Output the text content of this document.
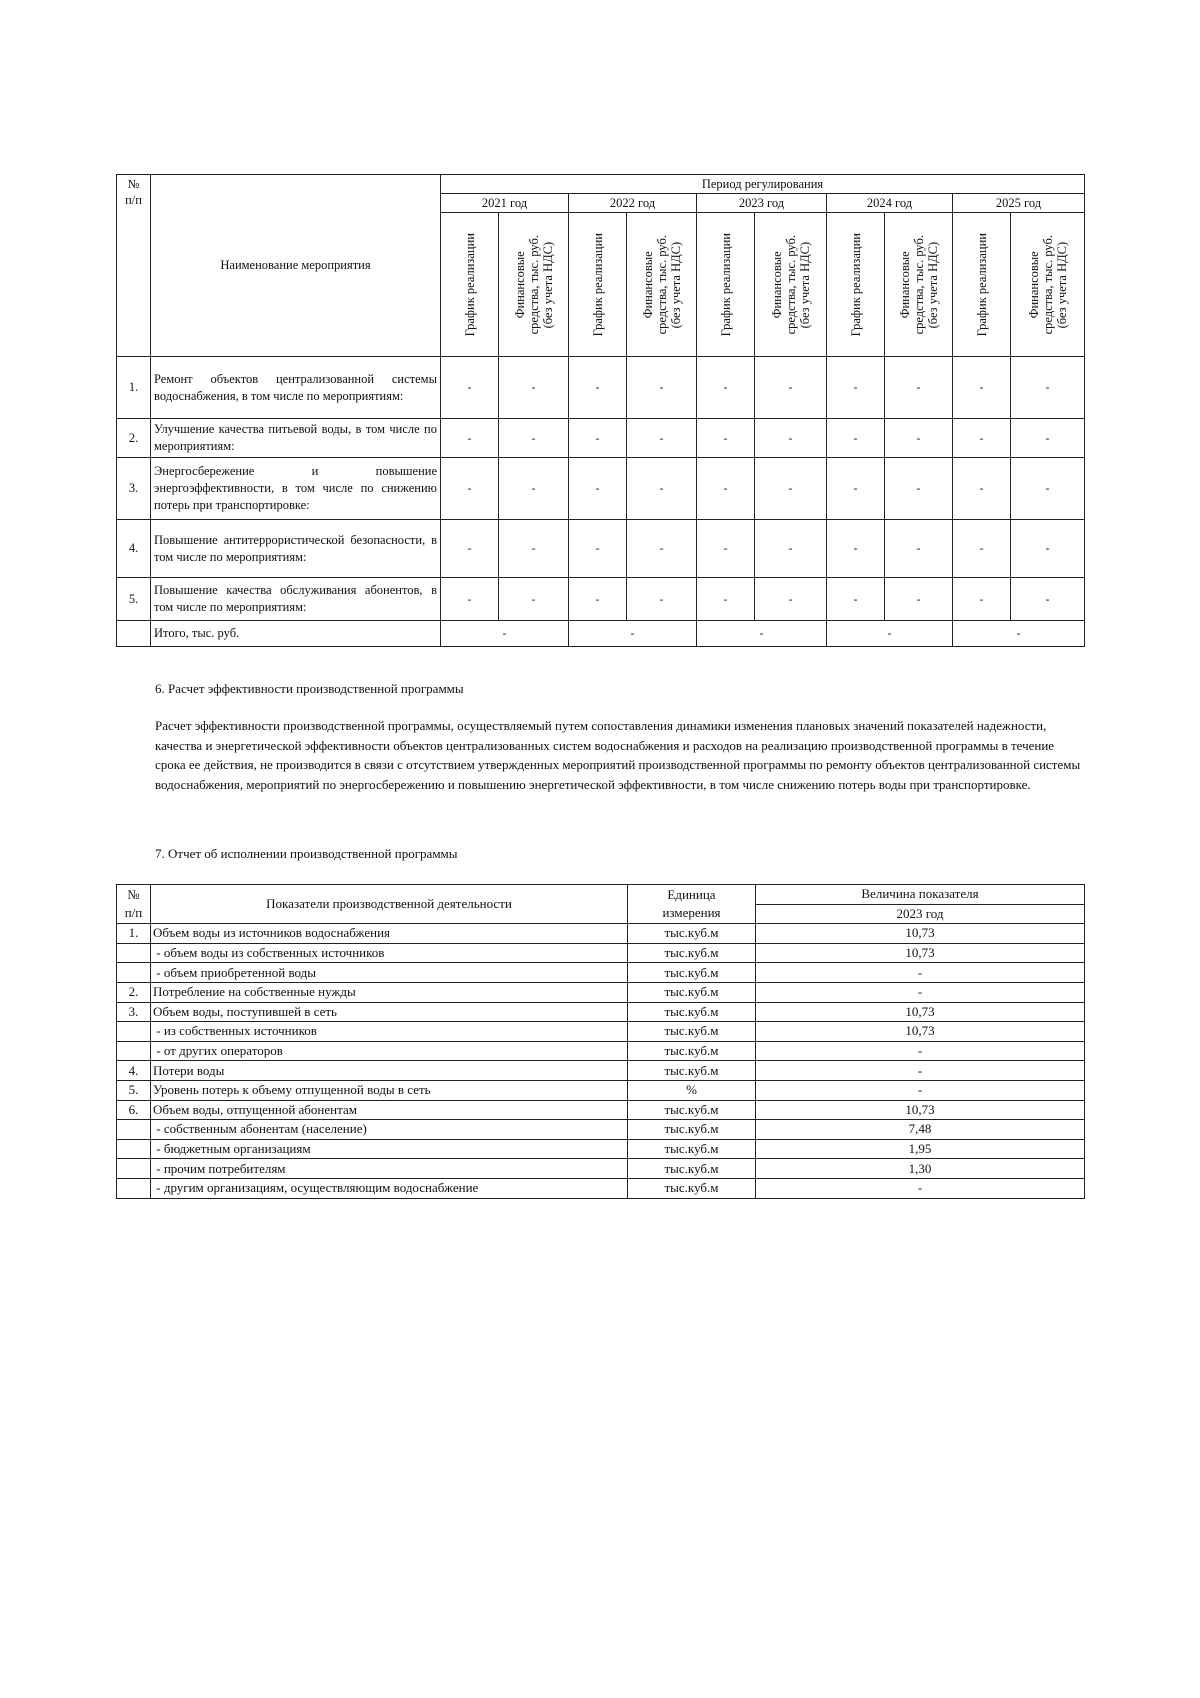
№
п/п	Наименование мероприятия	Период регулирования									
		2021 год		2022 год		2023 год		2024 год		2025 год	

		График реализации	Финансовые
средства, тыс. руб.
(без учета НДС)	График реализации	Финансовые
средства, тыс. руб.
(без учета НДС)	График реализации	Финансовые
средства, тыс. руб.
(без учета НДС)	График реализации	Финансовые
средства, тыс. руб.
(без учета НДС)	График реализации	Финансовые
средства, тыс. руб.
(без учета НДС)

1.	Ремонт объектов централизованной системы водоснабжения, в том числе по мероприятиям:	-	-	-	-	-	-	-	-	-	-
2.	Улучшение качества питьевой воды, в том числе по мероприятиям:	-	-	-	-	-	-	-	-	-	-
3.	Энергосбережение и повышение энергоэффективности, в том числе по снижению потерь при транспортировке:	-	-	-	-	-	-	-	-	-	-
4.	Повышение антитеррористической безопасности, в том числе по мероприятиям:	-	-	-	-	-	-	-	-	-	-
5.	Повышение качества обслуживания абонентов, в том числе по мероприятиям:	-	-	-	-	-	-	-	-	-	-
	Итого, тыс. руб.	-		-		-		-		-	

6. Расчет эффективности производственной программы

Расчет эффективности производственной программы, осуществляемый путем сопоставления динамики изменения плановых значений показателей надежности, качества и энергетической эффективности объектов централизованных систем водоснабжения и расходов на реализацию производственной программы в течение срока ее действия, не производится в связи с отсутствием утвержденных мероприятий производственной программы по ремонту объектов централизованной системы водоснабжения, мероприятий по энергосбережению и повышению энергетической эффективности, в том числе снижению потерь воды при транспортировке.

7. Отчет об исполнении производственной программы

№
п/п	Показатели производственной деятельности	Единица
измерения	Величина показателя
			2023 год
1.	Объем воды из источников водоснабжения	тыс.куб.м	10,73
	- объем воды из собственных источников	тыс.куб.м	10,73
	- объем приобретенной воды	тыс.куб.м	-
2.	Потребление на собственные нужды	тыс.куб.м	-
3.	Объем воды, поступившей в сеть	тыс.куб.м	10,73
	- из собственных источников	тыс.куб.м	10,73
	- от других операторов	тыс.куб.м	-
4.	Потери воды	тыс.куб.м	-
5.	Уровень потерь к объему отпущенной воды в сеть	%	-
6.	Объем воды, отпущенной абонентам	тыс.куб.м	10,73
	- собственным абонентам (население)	тыс.куб.м	7,48
	- бюджетным организациям	тыс.куб.м	1,95
	- прочим потребителям	тыс.куб.м	1,30
	- другим организациям, осуществляющим водоснабжение	тыс.куб.м	-
